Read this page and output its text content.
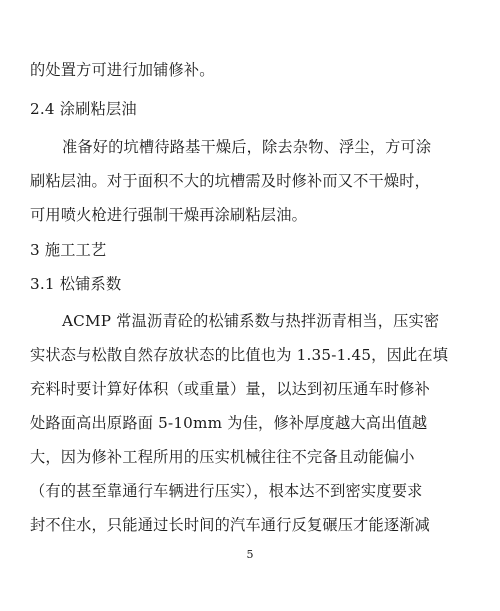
的处置方可进行加铺修补。
2.4 涂刷粘层油
准备好的坑槽待路基干燥后，除去杂物、浮尘，方可涂
刷粘层油。对于面积不大的坑槽需及时修补而又不干燥时，
可用喷火枪进行强制干燥再涂刷粘层油。
3 施工工艺
3.1 松铺系数
ACMP 常温沥青砼的松铺系数与热拌沥青相当，压实密
实状态与松散自然存放状态的比值也为 1.35-1.45，因此在填
充料时要计算好体积（或重量）量，以达到初压通车时修补
处路面高出原路面 5-10mm 为佳，修补厚度越大高出值越
大，因为修补工程所用的压实机械往往不完备且动能偏小
（有的甚至靠通行车辆进行压实），根本达不到密实度要求
封不住水，只能通过长时间的汽车通行反复碾压才能逐渐减
5
